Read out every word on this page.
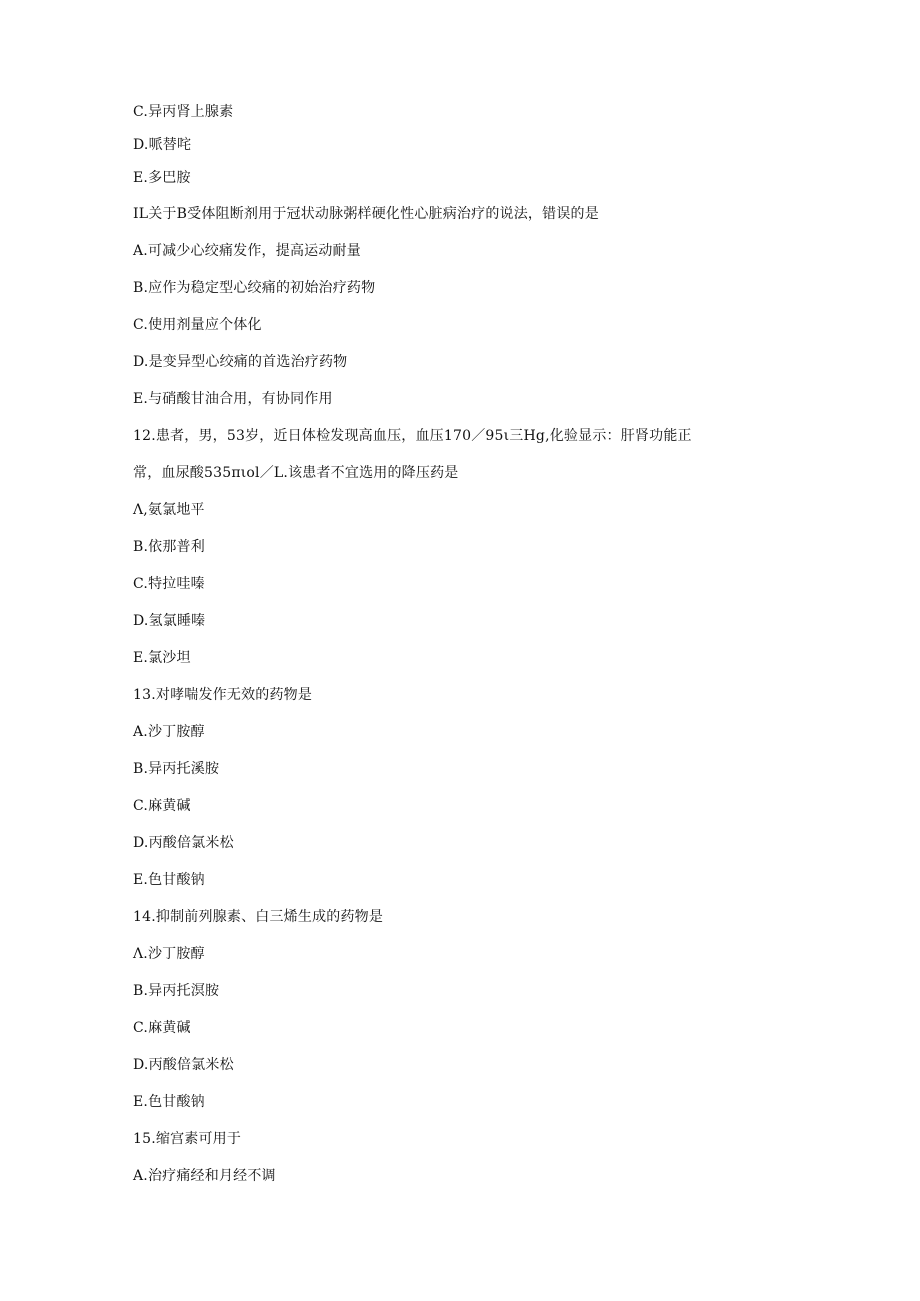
C.异丙肾上腺素
D.哌替咤
E.多巴胺
IL关于B受体阻断剂用于冠状动脉粥样硬化性心脏病治疗的说法，错误的是
A.可减少心绞痛发作，提高运动耐量
B.应作为稳定型心绞痛的初始治疗药物
C.使用剂量应个体化
D.是变异型心绞痛的首选治疗药物
E.与硝酸甘油合用，有协同作用
12.患者，男，53岁，近日体检发现高血压，血压170／95ι三Hg,化验显示：肝肾功能正
常，血尿酸535πιol／L.该患者不宜选用的降压药是
Λ,氨氯地平
B.依那普利
C.特拉哇嗪
D.氢氯睡嗪
E.氯沙坦
13.对哮喘发作无效的药物是
A.沙丁胺醇
B.异丙托溪胺
C.麻黄碱
D.丙酸倍氯米松
E.色甘酸钠
14.抑制前列腺素、白三烯生成的药物是
Λ.沙丁胺醇
B.异丙托溟胺
C.麻黄碱
D.丙酸倍氯米松
E.色甘酸钠
15.缩宫素可用于
A.治疗痛经和月经不调
